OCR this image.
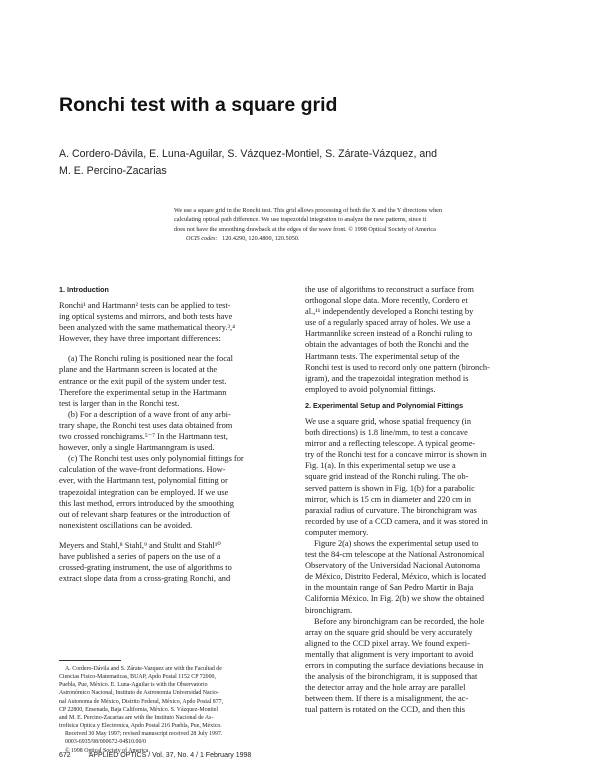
Ronchi test with a square grid
A. Cordero-Dávila, E. Luna-Aguilar, S. Vázquez-Montiel, S. Zárate-Vázquez, and
M. E. Percino-Zacarias
We use a square grid in the Ronchi test. This grid allows processing of both the X and the Y directions when
calculating optical path difference. We use trapezoidal integration to analyze the new patterns, since it
does not have the smoothing drawback at the edges of the wave front. © 1998 Optical Society of America
OCIS codes: 120.4290, 120.4800, 120.5050.
1. Introduction
Ronchi¹ and Hartmann² tests can be applied to test-
ing optical systems and mirrors, and both tests have
been analyzed with the same mathematical theory.³,⁴
However, they have three important differences:
(a) The Ronchi ruling is positioned near the focal
plane and the Hartmann screen is located at the
entrance or the exit pupil of the system under test.
Therefore the experimental setup in the Hartmann
test is larger than in the Ronchi test.
(b) For a description of a wave front of any arbi-
trary shape, the Ronchi test uses data obtained from
two crossed ronchigrams.⁵⁻⁷ In the Hartmann test,
however, only a single Hartmanngram is used.
(c) The Ronchi test uses only polynomial fittings for
calculation of the wave-front deformations. How-
ever, with the Hartmann test, polynomial fitting or
trapezoidal integration can be employed. If we use
this last method, errors introduced by the smoothing
out of relevant sharp features or the introduction of
nonexistent oscillations can be avoided.
Meyers and Stahl,⁸ Stahl,⁹ and Stultt and Stahl¹⁰
have published a series of papers on the use of a
crossed-grating instrument, the use of algorithms to
extract slope data from a cross-grating Ronchi, and
A. Cordero-Dávila and S. Zárate-Vazquez are with the Facultad de
Ciencias Fisico-Matematicas, BUAP, Apdo Postal 1152 CP 72000,
Puebla, Pue, México. E. Luna-Aguilar is with the Observatorio
Astronómico Nacional, Instituto de Astronomia Universidad Nacio-
nal Autonoma de México, Distrito Federal, México, Apdo Postal 877,
CP 22800, Ensenada, Baja California, México. S. Vázquez-Montiel
and M. E. Percino-Zacarias are with the Instituto Nacional de As-
trofisica Optica y Electronica, Apdo Postal 216 Puebla, Pue, México.
Received 30 May 1997; revised manuscript received 28 July 1997.
0003-6935/98/000672-04$10.00/0
© 1998 Optical Society of America
the use of algorithms to reconstruct a surface from
orthogonal slope data. More recently, Cordero et
al.,¹¹ independently developed a Ronchi testing by
use of a regularly spaced array of holes. We use a
Hartmannlike screen instead of a Ronchi ruling to
obtain the advantages of both the Ronchi and the
Hartmann tests. The experimental setup of the
Ronchi test is used to record only one pattern (bironch-
igram), and the trapezoidal integration method is
employed to avoid polynomial fittings.
2. Experimental Setup and Polynomial Fittings
We use a square grid, whose spatial frequency (in
both directions) is 1.8 line/mm, to test a concave
mirror and a reflecting telescope. A typical geome-
try of the Ronchi test for a concave mirror is shown in
Fig. 1(a). In this experimental setup we use a
square grid instead of the Ronchi ruling. The ob-
served pattern is shown in Fig. 1(b) for a parabolic
mirror, which is 15 cm in diameter and 220 cm in
paraxial radius of curvature. The bironchigram was
recorded by use of a CCD camera, and it was stored in
computer memory.
Figure 2(a) shows the experimental setup used to
test the 84-cm telescope at the National Astronomical
Observatory of the Universidad Nacional Autonoma
de México, Distrito Federal, México, which is located
in the mountain range of San Pedro Martir in Baja
California México. In Fig. 2(b) we show the obtained
bironchigram.
Before any bironchigram can be recorded, the hole
array on the square grid should be very accurately
aligned to the CCD pixel array. We found experi-
mentally that alignment is very important to avoid
errors in computing the surface deviations because in
the analysis of the bironchigram, it is supposed that
the detector array and the hole array are parallel
between them. If there is a misalignment, the ac-
tual pattern is rotated on the CCD, and then this
672	APPLIED OPTICS / Vol. 37, No. 4 / 1 February 1998
